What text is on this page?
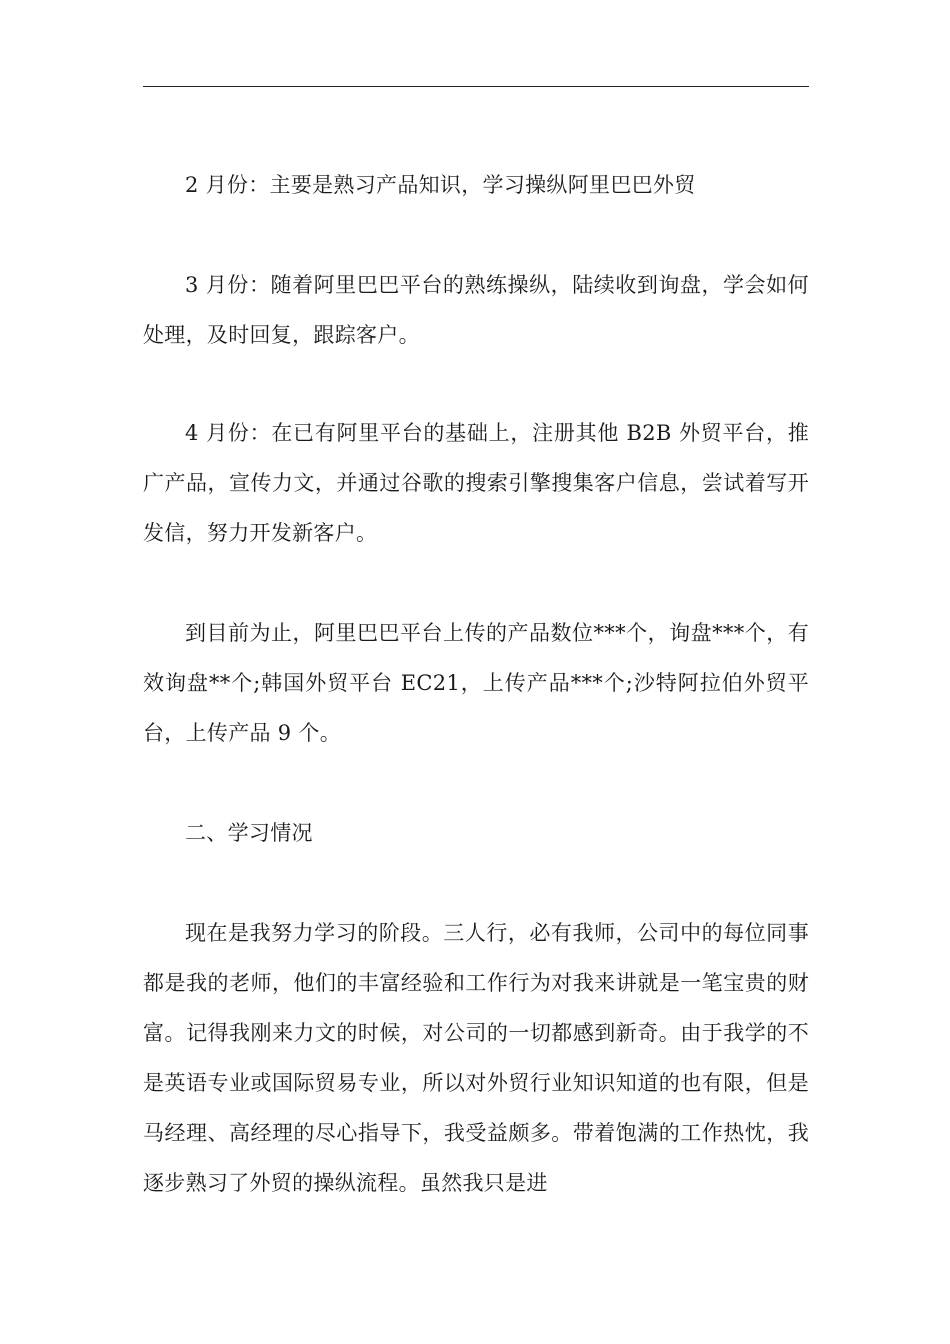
2 月份：主要是熟习产品知识，学习操纵阿里巴巴外贸

3 月份：随着阿里巴巴平台的熟练操纵，陆续收到询盘，学会如何处理，及时回复，跟踪客户。

4 月份：在已有阿里平台的基础上，注册其他 B2B 外贸平台，推广产品，宣传力文，并通过谷歌的搜索引擎搜集客户信息，尝试着写开发信，努力开发新客户。

到目前为止，阿里巴巴平台上传的产品数位***个，询盘***个，有效询盘**个;韩国外贸平台 EC21，上传产品***个;沙特阿拉伯外贸平台，上传产品 9 个。

二、学习情况

现在是我努力学习的阶段。三人行，必有我师，公司中的每位同事都是我的老师，他们的丰富经验和工作行为对我来讲就是一笔宝贵的财富。记得我刚来力文的时候，对公司的一切都感到新奇。由于我学的不是英语专业或国际贸易专业，所以对外贸行业知识知道的也有限，但是马经理、高经理的尽心指导下，我受益颇多。带着饱满的工作热忱，我逐步熟习了外贸的操纵流程。虽然我只是进
